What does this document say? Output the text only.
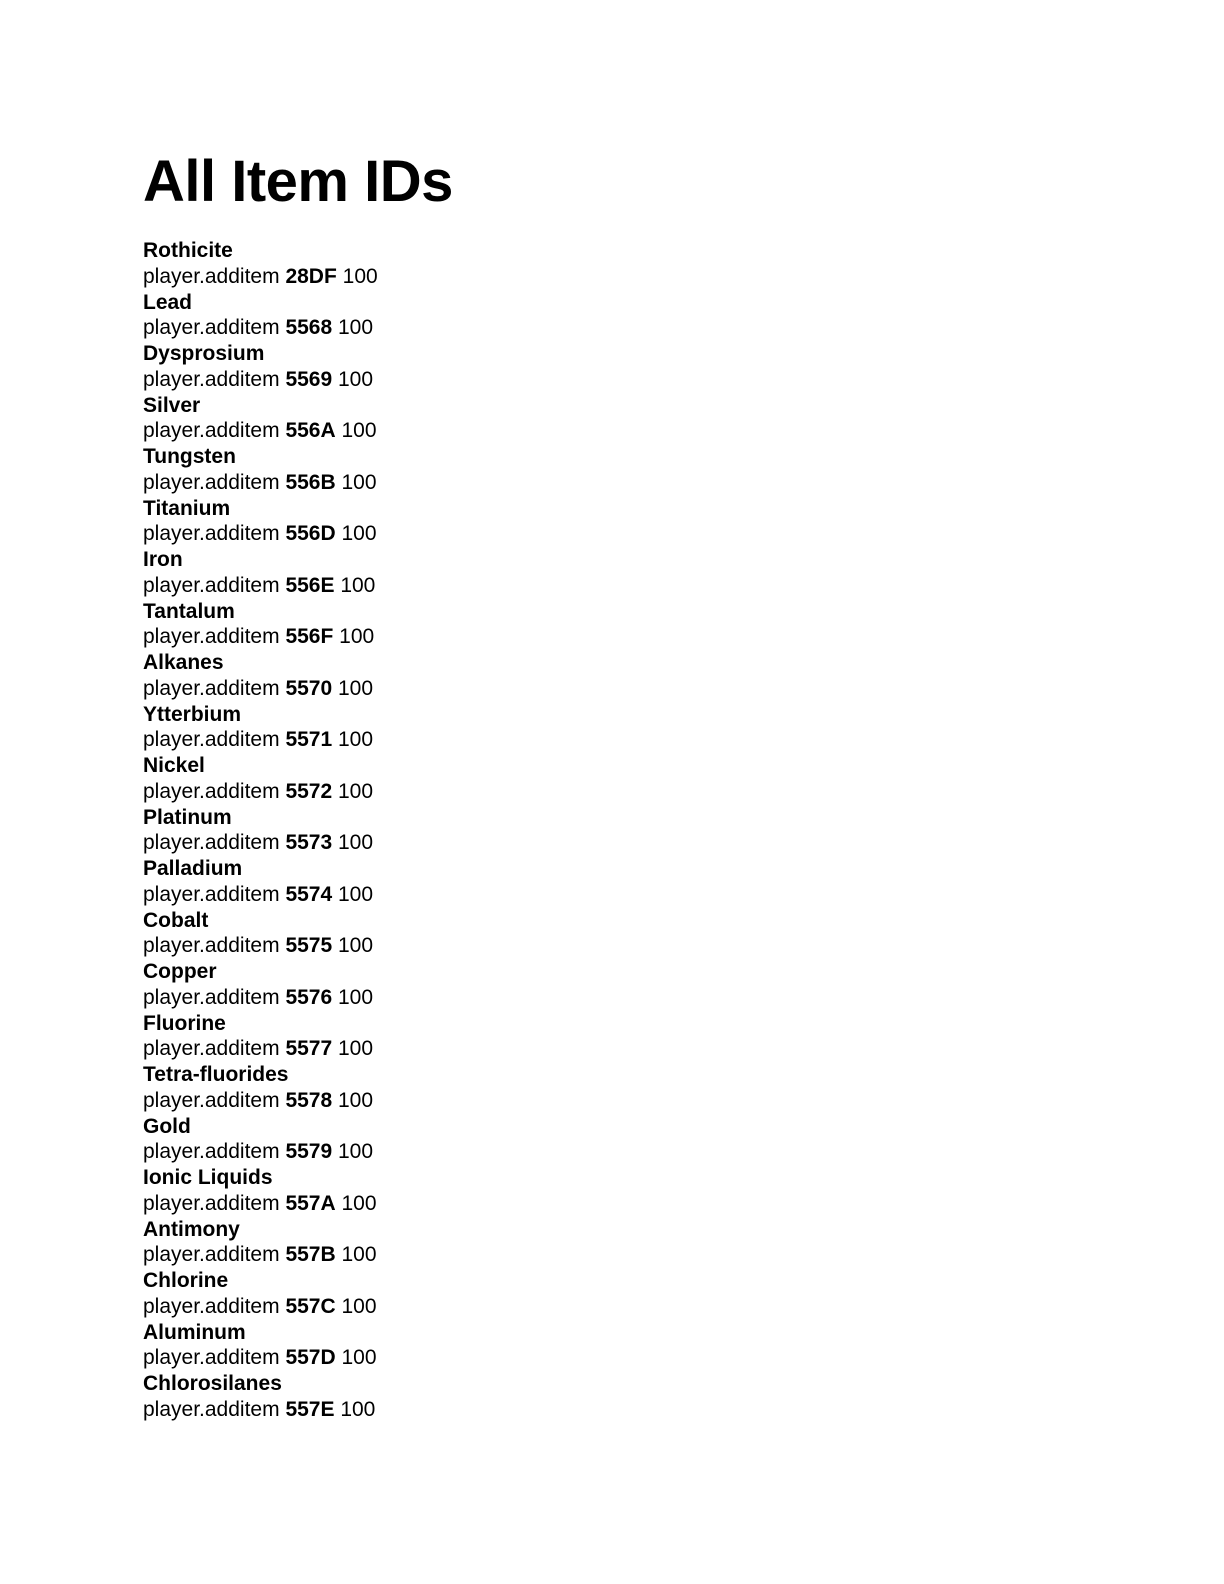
All Item IDs
Rothicite
player.additem 28DF 100
Lead
player.additem 5568 100
Dysprosium
player.additem 5569 100
Silver
player.additem 556A 100
Tungsten
player.additem 556B 100
Titanium
player.additem 556D 100
Iron
player.additem 556E 100
Tantalum
player.additem 556F 100
Alkanes
player.additem 5570 100
Ytterbium
player.additem 5571 100
Nickel
player.additem 5572 100
Platinum
player.additem 5573 100
Palladium
player.additem 5574 100
Cobalt
player.additem 5575 100
Copper
player.additem 5576 100
Fluorine
player.additem 5577 100
Tetra-fluorides
player.additem 5578 100
Gold
player.additem 5579 100
Ionic Liquids
player.additem 557A 100
Antimony
player.additem 557B 100
Chlorine
player.additem 557C 100
Aluminum
player.additem 557D 100
Chlorosilanes
player.additem 557E 100
